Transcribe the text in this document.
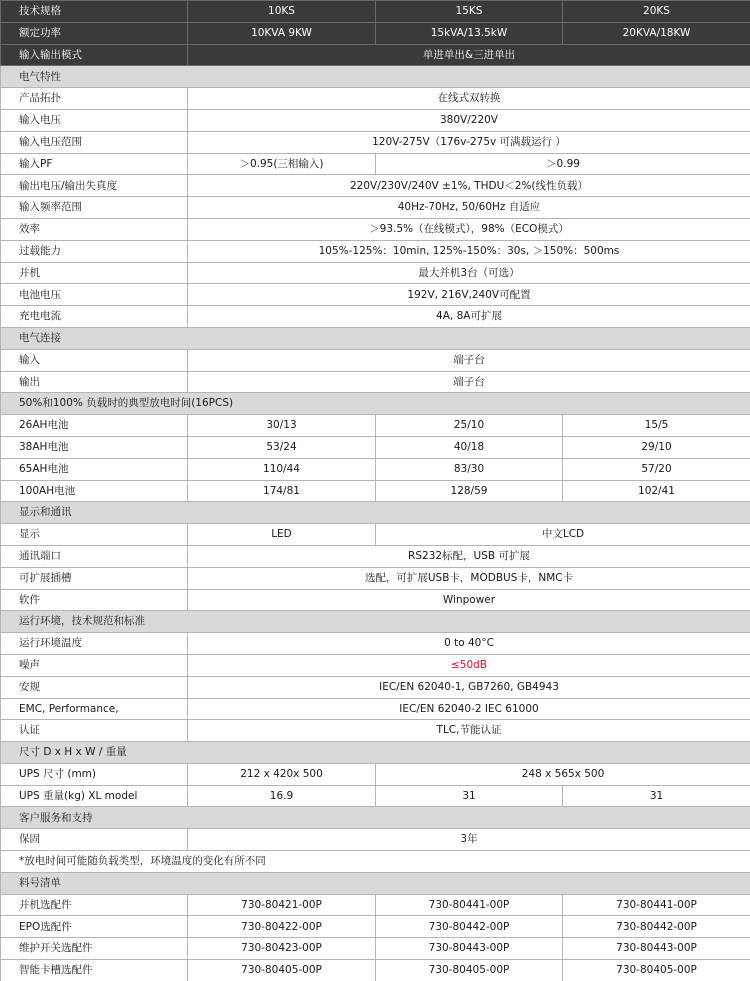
技术规格	10KS	15KS	20KS
额定功率	10KVA 9KW	15kVA/13.5kW	20KVA/18KW
输入输出模式	单进单出&三进单出		
电气特性			
产品拓扑	在线式双转换		
输入电压	380V/220V		
输入电压范围	120V-275V（176v-275v 可满载运行 ）		
输入PF	＞0.95(三相输入)	＞0.99	
输出电压/输出失真度	220V/230V/240V ±1%, THDU＜2%(线性负载）		
输入频率范围	40Hz-70Hz, 50/60Hz 自适应		
效率	＞93.5%（在线模式），98%（ECO模式）		
过载能力	105%-125%：10min, 125%-150%：30s, ＞150%：500ms		
并机	最大并机3台（可选）		
电池电压	192V, 216V,240V可配置		
充电电流	4A, 8A可扩展		
电气连接			
输入	端子台		
输出	端子台		
50%和100% 负载时的典型放电时间(16PCS)			
26AH电池	30/13	25/10	15/5
38AH电池	53/24	40/18	29/10
65AH电池	110/44	83/30	57/20
100AH电池	174/81	128/59	102/41
显示和通讯			
显示	LED	中文LCD	
通讯端口	RS232标配，USB 可扩展		
可扩展插槽	选配，可扩展USB卡，MODBUS卡，NMC卡		
软件	Winpower		
运行环境，技术规范和标准			
运行环境温度	0 to 40°C		
噪声	≤50dB		
安规	IEC/EN 62040-1, GB7260, GB4943		
EMC, Performance,	IEC/EN 62040-2 IEC 61000		
认证	TLC,节能认证		
尺寸 D x H x W / 重量			
UPS 尺寸 (mm)	212 x 420x 500	248 x 565x 500	
UPS 重量(kg) XL model	16.9	31	31
客户服务和支持			
保固	3年		
*放电时间可能随负载类型，环境温度的变化有所不同			
料号清单			
并机选配件	730-80421-00P	730-80441-00P	730-80441-00P
EPO选配件	730-80422-00P	730-80442-00P	730-80442-00P
维护开关选配件	730-80423-00P	730-80443-00P	730-80443-00P
智能卡槽选配件	730-80405-00P	730-80405-00P	730-80405-00P
